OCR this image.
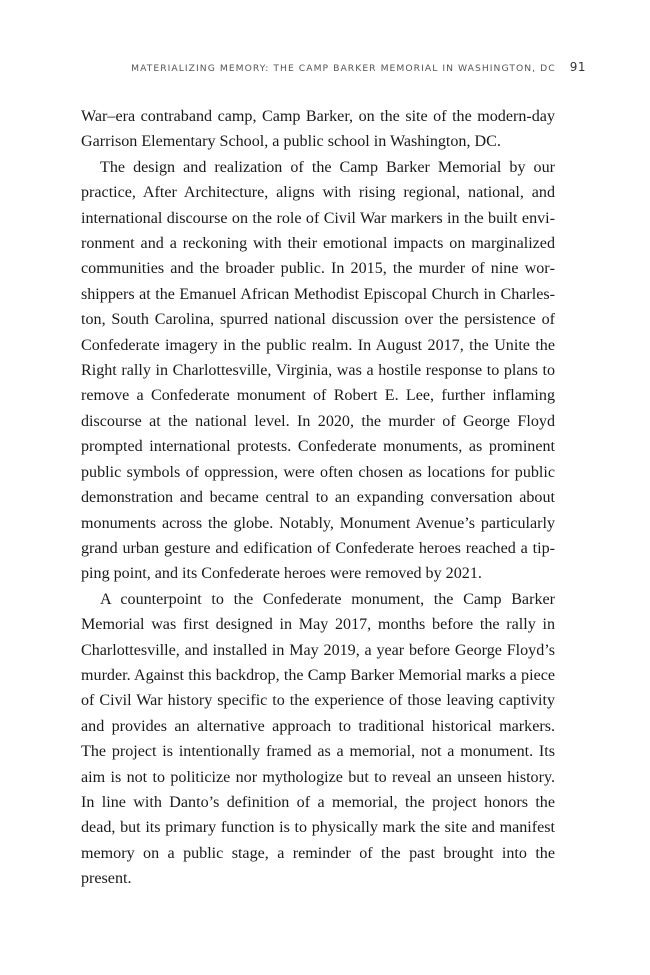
MATERIALIZING MEMORY: THE CAMP BARKER MEMORIAL IN WASHINGTON, DC 91

War–era contraband camp, Camp Barker, on the site of the modern-day Garrison Elementary School, a public school in Washington, DC.

The design and realization of the Camp Barker Memorial by our practice, After Architecture, aligns with rising regional, national, and international discourse on the role of Civil War markers in the built environment and a reckoning with their emotional impacts on marginalized communities and the broader public. In 2015, the murder of nine worshippers at the Emanuel African Methodist Episcopal Church in Charleston, South Carolina, spurred national discussion over the persistence of Confederate imagery in the public realm. In August 2017, the Unite the Right rally in Charlottesville, Virginia, was a hostile response to plans to remove a Confederate monument of Robert E. Lee, further inflaming discourse at the national level. In 2020, the murder of George Floyd prompted international protests. Confederate monuments, as prominent public symbols of oppression, were often chosen as locations for public demonstration and became central to an expanding conversation about monuments across the globe. Notably, Monument Avenue’s particularly grand urban gesture and edification of Confederate heroes reached a tipping point, and its Confederate heroes were removed by 2021.

A counterpoint to the Confederate monument, the Camp Barker Memorial was first designed in May 2017, months before the rally in Charlottesville, and installed in May 2019, a year before George Floyd’s murder. Against this backdrop, the Camp Barker Memorial marks a piece of Civil War history specific to the experience of those leaving captivity and provides an alternative approach to traditional historical markers. The project is intentionally framed as a memorial, not a monument. Its aim is not to politicize nor mythologize but to reveal an unseen history. In line with Danto’s definition of a memorial, the project honors the dead, but its primary function is to physically mark the site and manifest memory on a public stage, a reminder of the past brought into the present.
